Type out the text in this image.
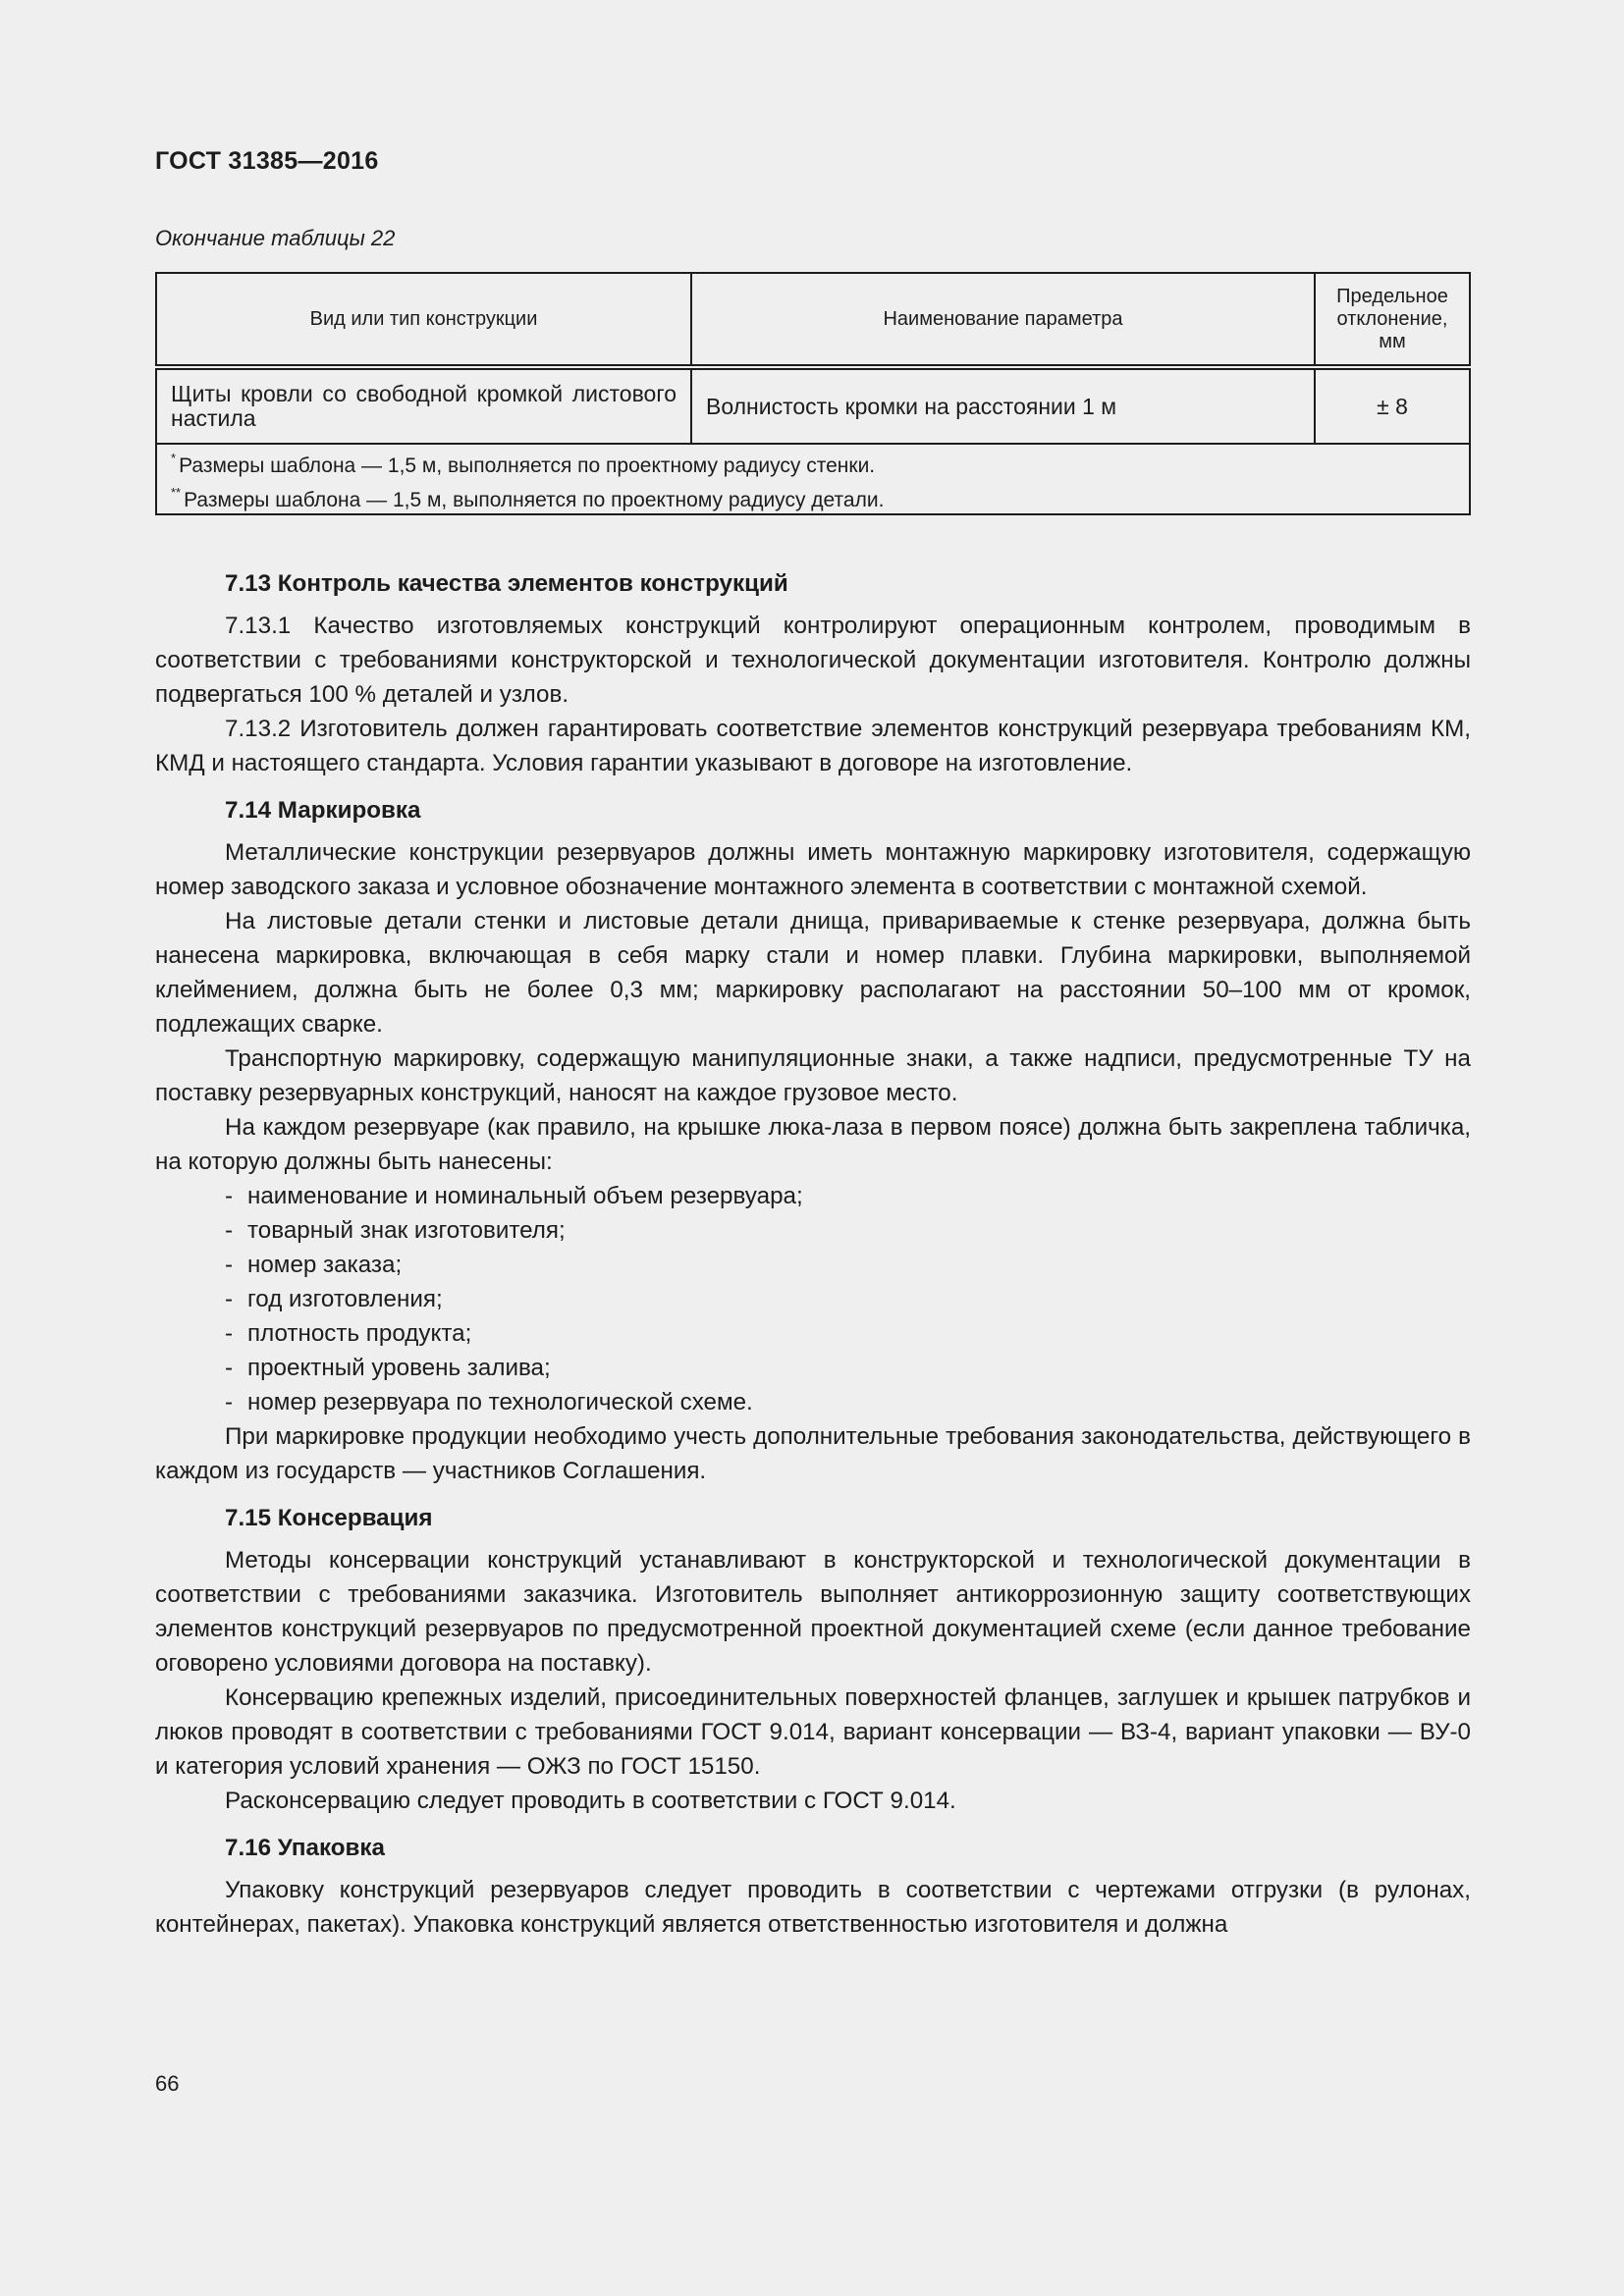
ГОСТ 31385—2016
Окончание таблицы 22
Вид или тип конструкции	Наименование параметра	Предельное отклонение, мм
Щиты кровли со свободной кромкой листового настила	Волнистость кромки на расстоянии 1 м	± 8

* Размеры шаблона — 1,5 м, выполняется по проектному радиусу стенки.
** Размеры шаблона — 1,5 м, выполняется по проектному радиусу детали.		
7.13 Контроль качества элементов конструкций

7.13.1 Качество изготовляемых конструкций контролируют операционным контролем, проводимым в соответствии с требованиями конструкторской и технологической документации изготовителя. Контролю должны подвергаться 100 % деталей и узлов.

7.13.2 Изготовитель должен гарантировать соответствие элементов конструкций резервуара требованиям КМ, КМД и настоящего стандарта. Условия гарантии указывают в договоре на изготовление.

7.14 Маркировка

Металлические конструкции резервуаров должны иметь монтажную маркировку изготовителя, содержащую номер заводского заказа и условное обозначение монтажного элемента в соответствии с монтажной схемой.

На листовые детали стенки и листовые детали днища, привариваемые к стенке резервуара, должна быть нанесена маркировка, включающая в себя марку стали и номер плавки. Глубина маркировки, выполняемой клеймением, должна быть не более 0,3 мм; маркировку располагают на расстоянии 50–100 мм от кромок, подлежащих сварке.

Транспортную маркировку, содержащую манипуляционные знаки, а также надписи, предусмотренные ТУ на поставку резервуарных конструкций, наносят на каждое грузовое место.

На каждом резервуаре (как правило, на крышке люка-лаза в первом поясе) должна быть закреплена табличка, на которую должны быть нанесены:

- наименование и номинальный объем резервуара;
- товарный знак изготовителя;
- номер заказа;
- год изготовления;
- плотность продукта;
- проектный уровень залива;
- номер резервуара по технологической схеме.

При маркировке продукции необходимо учесть дополнительные требования законодательства, действующего в каждом из государств — участников Соглашения.

7.15 Консервация

Методы консервации конструкций устанавливают в конструкторской и технологической документации в соответствии с требованиями заказчика. Изготовитель выполняет антикоррозионную защиту соответствующих элементов конструкций резервуаров по предусмотренной проектной документацией схеме (если данное требование оговорено условиями договора на поставку).

Консервацию крепежных изделий, присоединительных поверхностей фланцев, заглушек и крышек патрубков и люков проводят в соответствии с требованиями ГОСТ 9.014, вариант консервации — ВЗ-4, вариант упаковки — ВУ-0 и категория условий хранения — ОЖЗ по ГОСТ 15150.

Расконсервацию следует проводить в соответствии с ГОСТ 9.014.

7.16 Упаковка

Упаковку конструкций резервуаров следует проводить в соответствии с чертежами отгрузки (в рулонах, контейнерах, пакетах). Упаковка конструкций является ответственностью изготовителя и должна

66
